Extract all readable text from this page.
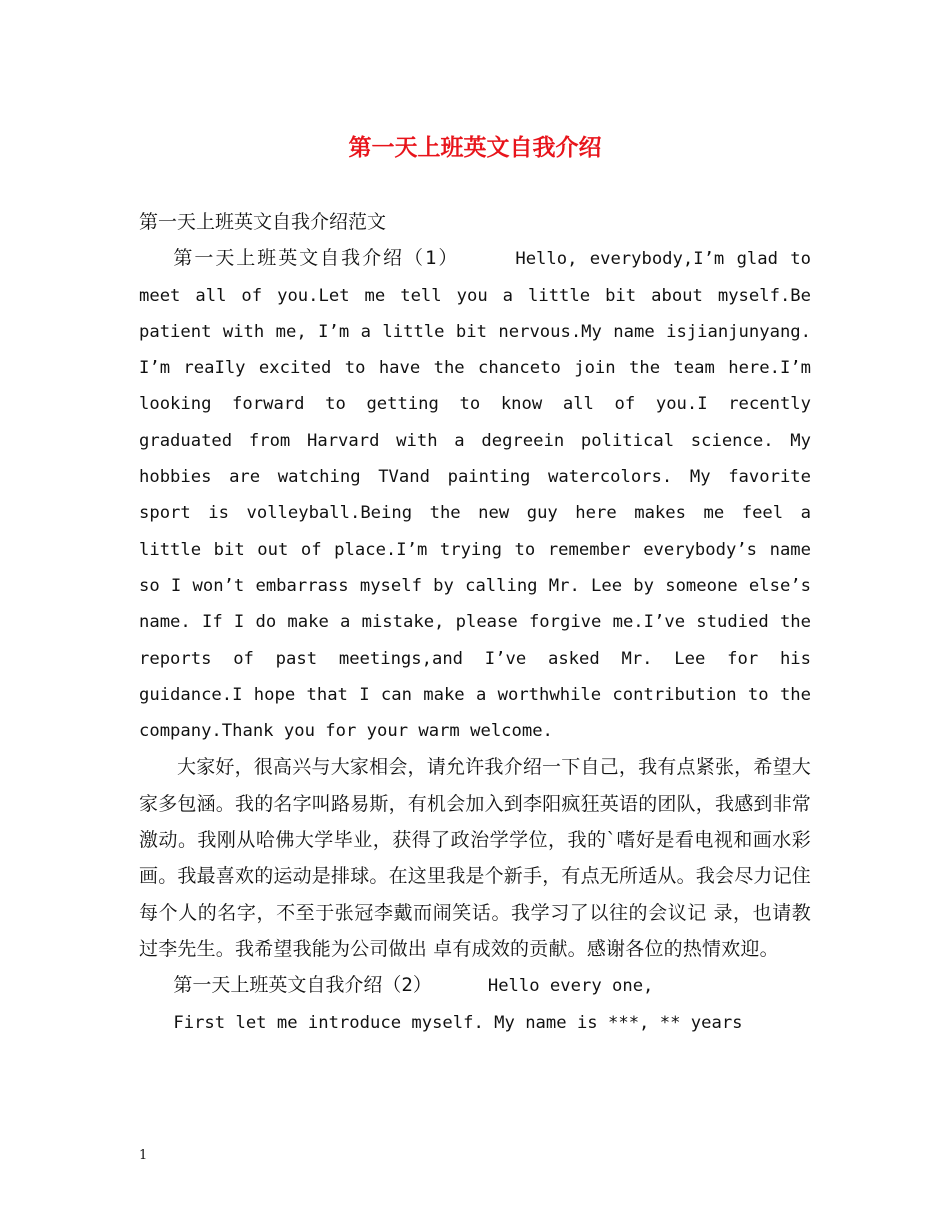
第一天上班英文自我介绍

第一天上班英文自我介绍范文

第一天上班英文自我介绍（1）	Hello, everybody,I’m glad to meet all of you.Let me tell you a little bit about myself.Be patient with me, I’m a little bit nervous.My name isjianjunyang. I’m reaIly excited to have the chanceto join the team here.I’m looking forward to getting to know all of you.I recently graduated from Harvard with a degreein political science. My hobbies are watching TVand painting watercolors. My favorite sport is volleyball.Being the new guy here makes me feel a little bit out of place.I’m trying to remember everybody’s name so I won’t embarrass myself by calling Mr. Lee by someone else’s name. If I do make a mistake, please forgive me.I’ve studied the reports of past meetings,and I’ve asked Mr. Lee for his guidance.I hope that I can make a worthwhile contribution to the company.Thank you for your warm welcome.

大家好，很高兴与大家相会，请允许我介绍一下自己，我有点紧张，希望大家多包涵。我的名字叫路易斯，有机会加入到李阳疯狂英语的团队，我感到非常激动。我刚从哈佛大学毕业，获得了政治学学位，我的`嗜好是看电视和画水彩画。我最喜欢的运动是排球。在这里我是个新手，有点无所适从。我会尽力记住每个人的名字，不至于张冠李戴而闹笑话。我学习了以往的会议记 录，也请教过李先生。我希望我能为公司做出 卓有成效的贡献。感谢各位的热情欢迎。

第一天上班英文自我介绍（2）	Hello every one,

First let me introduce myself. My name is ***, ** years

1
